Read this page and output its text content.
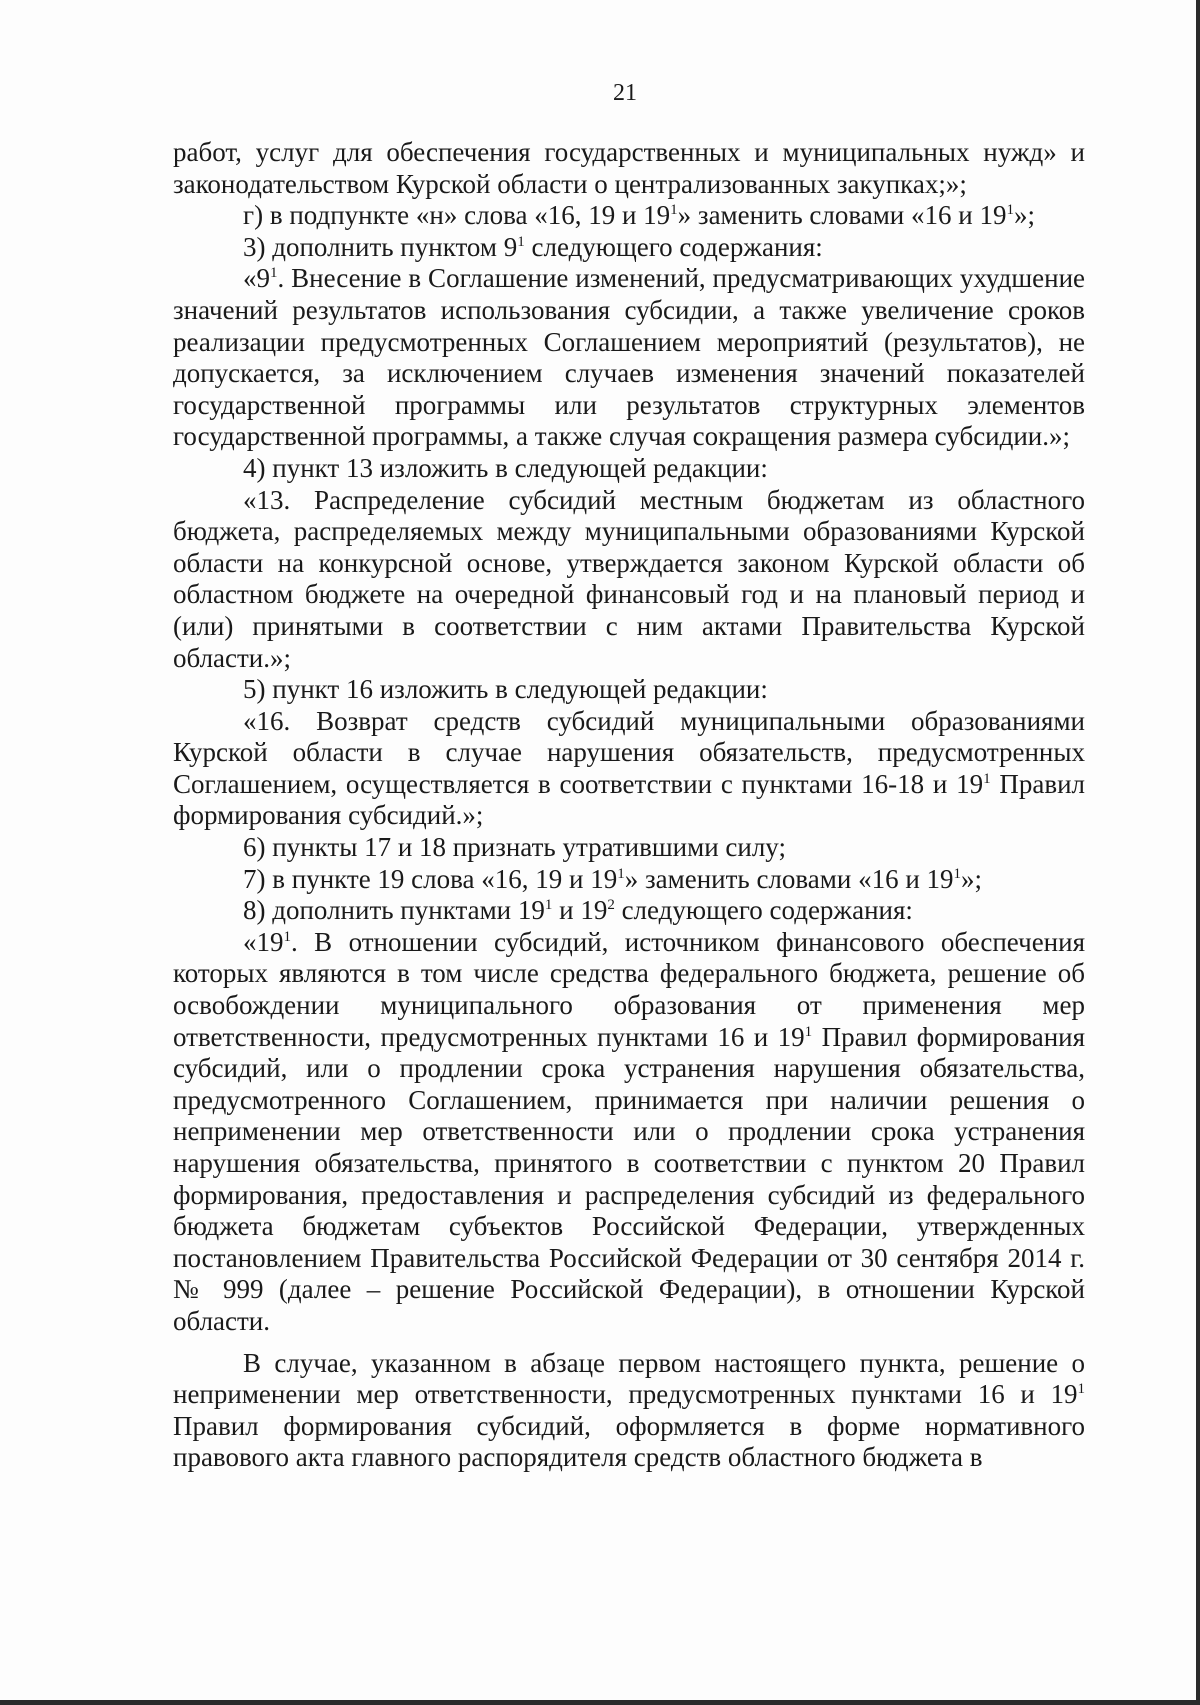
21

работ, услуг для обеспечения государственных и муниципальных нужд» и законодательством Курской области о централизованных закупках;»;

г) в подпункте «н» слова «16, 19 и $19^1$» заменить словами «16 и $19^1$»;

3) дополнить пунктом $9^1$ следующего содержания:

«$9^1$. Внесение в Соглашение изменений, предусматривающих ухудшение значений результатов использования субсидии, а также увеличение сроков реализации предусмотренных Соглашением мероприятий (результатов), не допускается, за исключением случаев изменения значений показателей государственной программы или результатов структурных элементов государственной программы, а также случая сокращения размера субсидии.»;

4) пункт 13 изложить в следующей редакции:

«13. Распределение субсидий местным бюджетам из областного бюджета, распределяемых между муниципальными образованиями Курской области на конкурсной основе, утверждается законом Курской области об областном бюджете на очередной финансовый год и на плановый период и (или) принятыми в соответствии с ним актами Правительства Курской области.»;

5) пункт 16 изложить в следующей редакции:

«16. Возврат средств субсидий муниципальными образованиями Курской области в случае нарушения обязательств, предусмотренных Соглашением, осуществляется в соответствии с пунктами 16-18 и $19^1$ Правил формирования субсидий.»;

6) пункты 17 и 18 признать утратившими силу;

7) в пункте 19 слова «16, 19 и $19^1$» заменить словами «16 и $19^1$»;

8) дополнить пунктами $19^1$ и $19^2$ следующего содержания:

«$19^1$. В отношении субсидий, источником финансового обеспечения которых являются в том числе средства федерального бюджета, решение об освобождении муниципального образования от применения мер ответственности, предусмотренных пунктами 16 и $19^1$ Правил формирования субсидий, или о продлении срока устранения нарушения обязательства, предусмотренного Соглашением, принимается при наличии решения о неприменении мер ответственности или о продлении срока устранения нарушения обязательства, принятого в соответствии с пунктом 20 Правил формирования, предоставления и распределения субсидий из федерального бюджета бюджетам субъектов Российской Федерации, утвержденных постановлением Правительства Российской Федерации от 30 сентября 2014 г. № 999 (далее – решение Российской Федерации), в отношении Курской области.

В случае, указанном в абзаце первом настоящего пункта, решение о неприменении мер ответственности, предусмотренных пунктами 16 и $19^1$ Правил формирования субсидий, оформляется в форме нормативного правового акта главного распорядителя средств областного бюджета в
